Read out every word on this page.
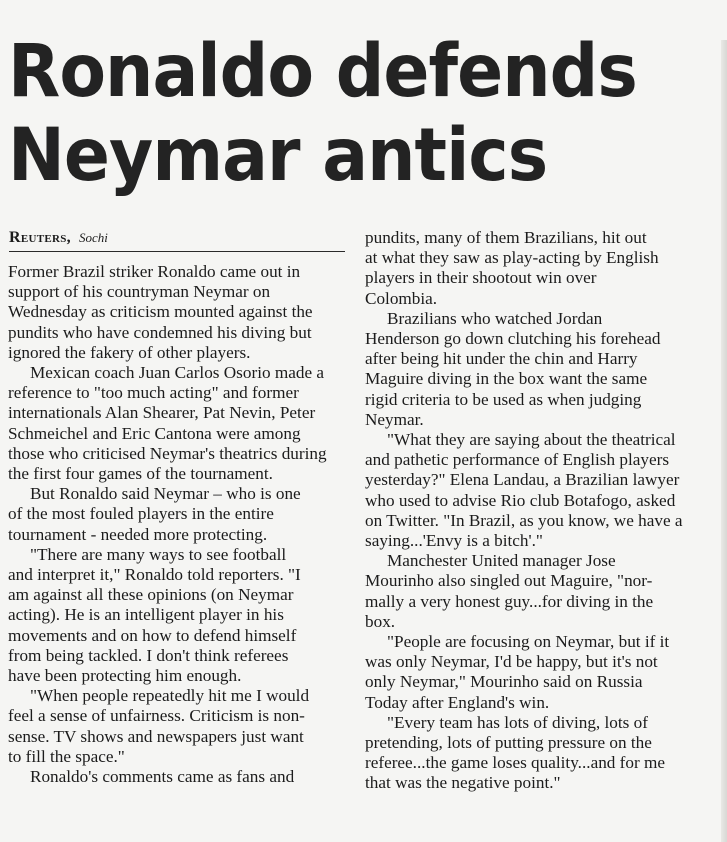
Ronaldo defends
Neymar antics
Reuters, Sochi

Former Brazil striker Ronaldo came out in

support of his countryman Neymar on

Wednesday as criticism mounted against the

pundits who have condemned his diving but

ignored the fakery of other players.

Mexican coach Juan Carlos Osorio made a

reference to "too much acting" and former

internationals Alan Shearer, Pat Nevin, Peter

Schmeichel and Eric Cantona were among

those who criticised Neymar's theatrics during

the first four games of the tournament.

But Ronaldo said Neymar – who is one

of the most fouled players in the entire

tournament - needed more protecting.

"There are many ways to see football

and interpret it," Ronaldo told reporters. "I

am against all these opinions (on Neymar

acting). He is an intelligent player in his

movements and on how to defend himself

from being tackled. I don't think referees

have been protecting him enough.

"When people repeatedly hit me I would

feel a sense of unfairness. Criticism is non-

sense. TV shows and newspapers just want

to fill the space."

Ronaldo's comments came as fans and

pundits, many of them Brazilians, hit out

at what they saw as play-acting by English

players in their shootout win over

Colombia.

Brazilians who watched Jordan

Henderson go down clutching his forehead

after being hit under the chin and Harry

Maguire diving in the box want the same

rigid criteria to be used as when judging

Neymar.

"What they are saying about the theatrical

and pathetic performance of English players

yesterday?" Elena Landau, a Brazilian lawyer

who used to advise Rio club Botafogo, asked

on Twitter. "In Brazil, as you know, we have a

saying...'Envy is a bitch'."

Manchester United manager Jose

Mourinho also singled out Maguire, "nor-

mally a very honest guy...for diving in the

box.

"People are focusing on Neymar, but if it

was only Neymar, I'd be happy, but it's not

only Neymar," Mourinho said on Russia

Today after England's win.

"Every team has lots of diving, lots of

pretending, lots of putting pressure on the

referee...the game loses quality...and for me

that was the negative point."
